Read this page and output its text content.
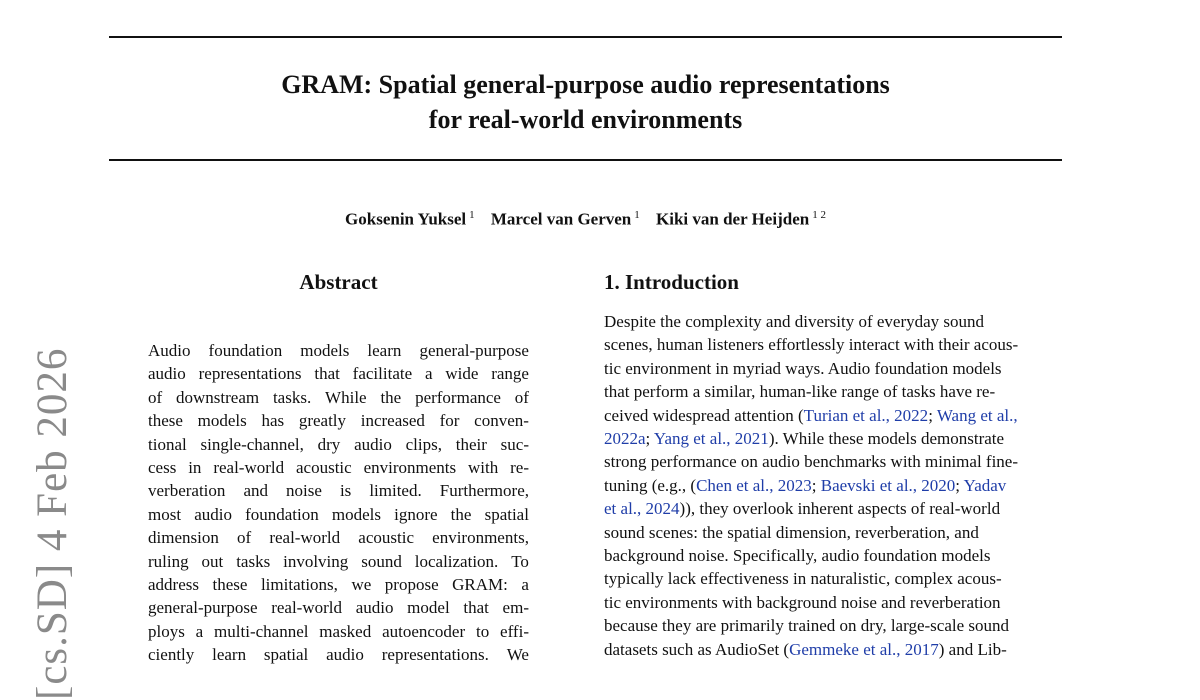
GRAM: Spatial general-purpose audio representations
for real-world environments
Goksenin Yuksel $^1$ Marcel van Gerven $^1$ Kiki van der Heijden $^{1 2}$
[cs.SD] 4 Feb 2026
Abstract
Audio foundation models learn general-purpose
audio representations that facilitate a wide range
of downstream tasks. While the performance of
these models has greatly increased for conven-
tional single-channel, dry audio clips, their suc-
cess in real-world acoustic environments with re-
verberation and noise is limited. Furthermore,
most audio foundation models ignore the spatial
dimension of real-world acoustic environments,
ruling out tasks involving sound localization. To
address these limitations, we propose GRAM: a
general-purpose real-world audio model that em-
ploys a multi-channel masked autoencoder to effi-
ciently learn spatial audio representations. We
1. Introduction
Despite the complexity and diversity of everyday sound
scenes, human listeners effortlessly interact with their acous-
tic environment in myriad ways. Audio foundation models
that perform a similar, human-like range of tasks have re-
ceived widespread attention (Turian et al., 2022; Wang et al.,
2022a; Yang et al., 2021). While these models demonstrate
strong performance on audio benchmarks with minimal fine-
tuning (e.g., (Chen et al., 2023; Baevski et al., 2020; Yadav
et al., 2024)), they overlook inherent aspects of real-world
sound scenes: the spatial dimension, reverberation, and
background noise. Specifically, audio foundation models
typically lack effectiveness in naturalistic, complex acous-
tic environments with background noise and reverberation
because they are primarily trained on dry, large-scale sound
datasets such as AudioSet (Gemmeke et al., 2017) and Lib-
